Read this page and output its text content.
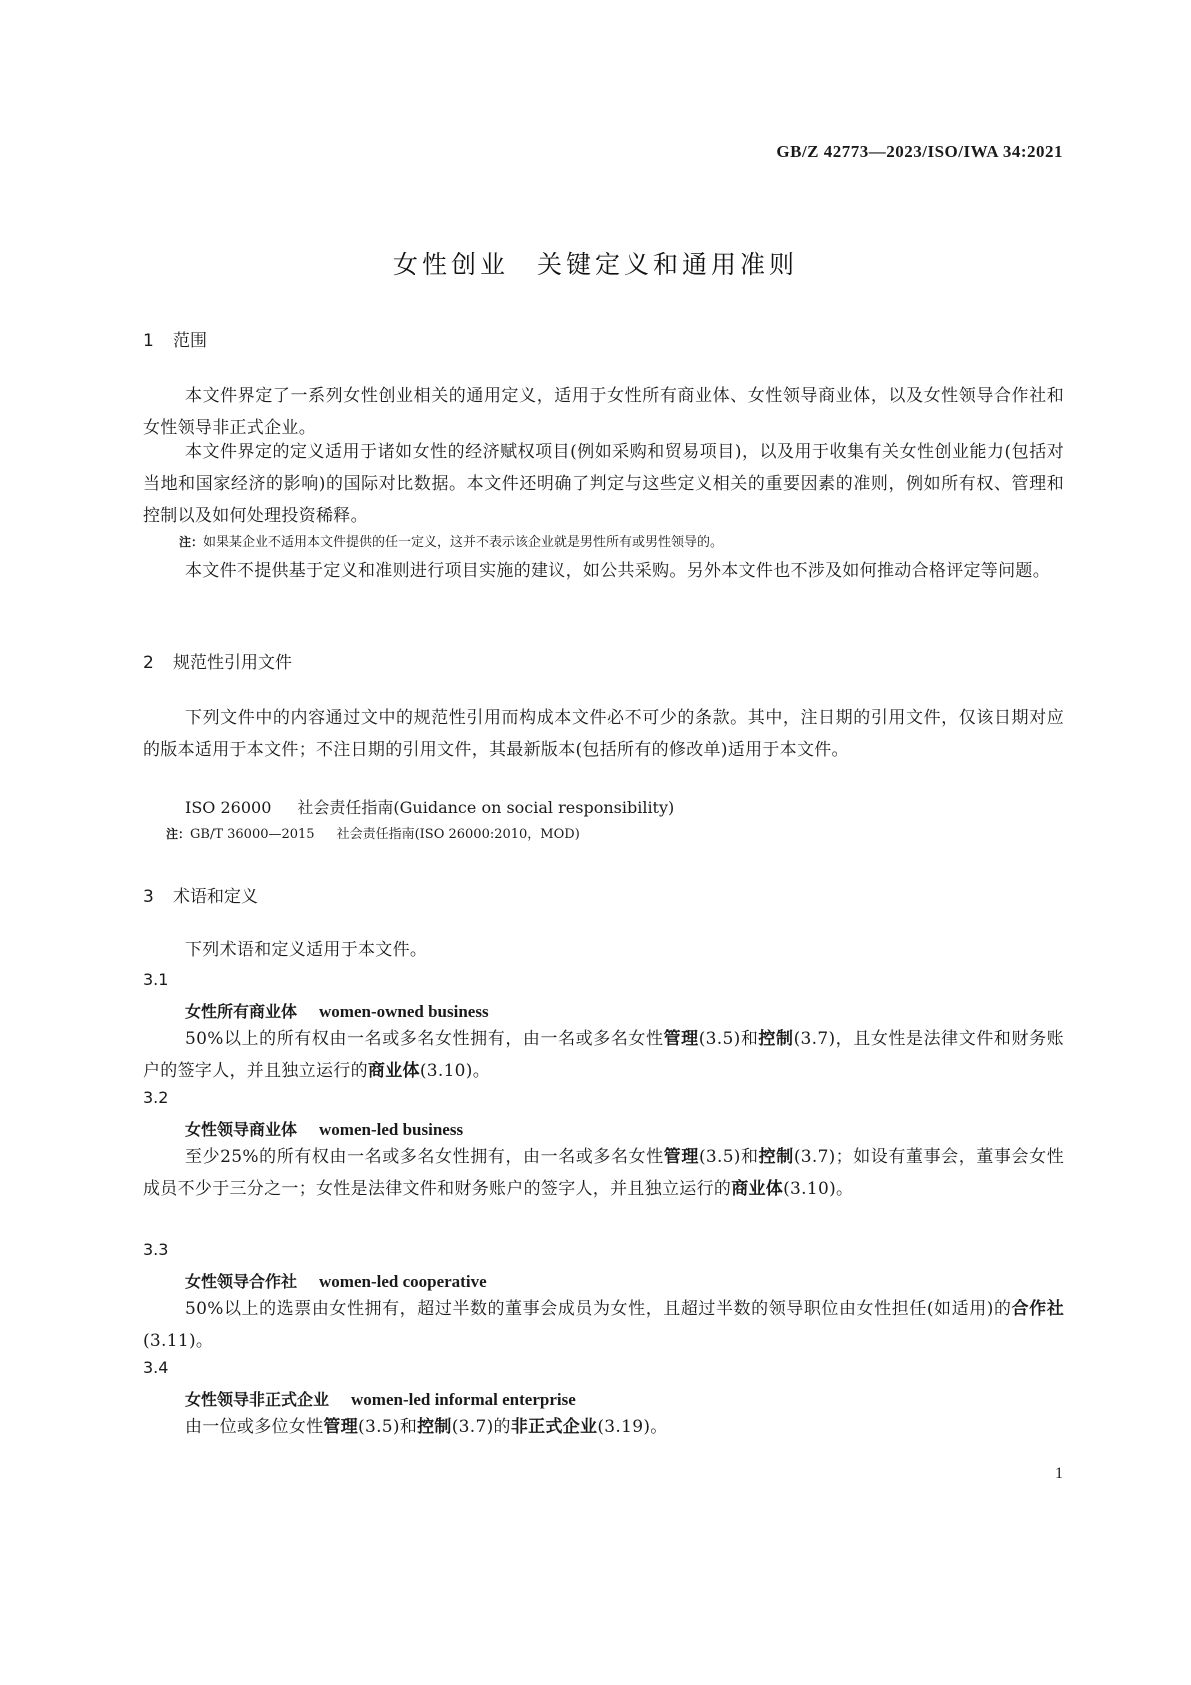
GB/Z 42773—2023/ISO/IWA 34:2021
女性创业 关键定义和通用准则
1 范围
本文件界定了一系列女性创业相关的通用定义，适用于女性所有商业体、女性领导商业体，以及女性领导合作社和女性领导非正式企业。
本文件界定的定义适用于诸如女性的经济赋权项目(例如采购和贸易项目)，以及用于收集有关女性创业能力(包括对当地和国家经济的影响)的国际对比数据。本文件还明确了判定与这些定义相关的重要因素的准则，例如所有权、管理和控制以及如何处理投资稀释。
注：如果某企业不适用本文件提供的任一定义，这并不表示该企业就是男性所有或男性领导的。
本文件不提供基于定义和准则进行项目实施的建议，如公共采购。另外本文件也不涉及如何推动合格评定等问题。
2 规范性引用文件
下列文件中的内容通过文中的规范性引用而构成本文件必不可少的条款。其中，注日期的引用文件，仅该日期对应的版本适用于本文件；不注日期的引用文件，其最新版本(包括所有的修改单)适用于本文件。
ISO 26000 社会责任指南(Guidance on social responsibility)
注：GB/T 36000—2015 社会责任指南(ISO 26000:2010，MOD)
3 术语和定义
下列术语和定义适用于本文件。
3.1
女性所有商业体 women-owned business
50%以上的所有权由一名或多名女性拥有，由一名或多名女性管理(3.5)和控制(3.7)，且女性是法律文件和财务账户的签字人，并且独立运行的商业体(3.10)。
3.2
女性领导商业体 women-led business
至少25%的所有权由一名或多名女性拥有，由一名或多名女性管理(3.5)和控制(3.7)；如设有董事会，董事会女性成员不少于三分之一；女性是法律文件和财务账户的签字人，并且独立运行的商业体(3.10)。
3.3
女性领导合作社 women-led cooperative
50%以上的选票由女性拥有，超过半数的董事会成员为女性，且超过半数的领导职位由女性担任(如适用)的合作社(3.11)。
3.4
女性领导非正式企业 women-led informal enterprise
由一位或多位女性管理(3.5)和控制(3.7)的非正式企业(3.19)。
1
